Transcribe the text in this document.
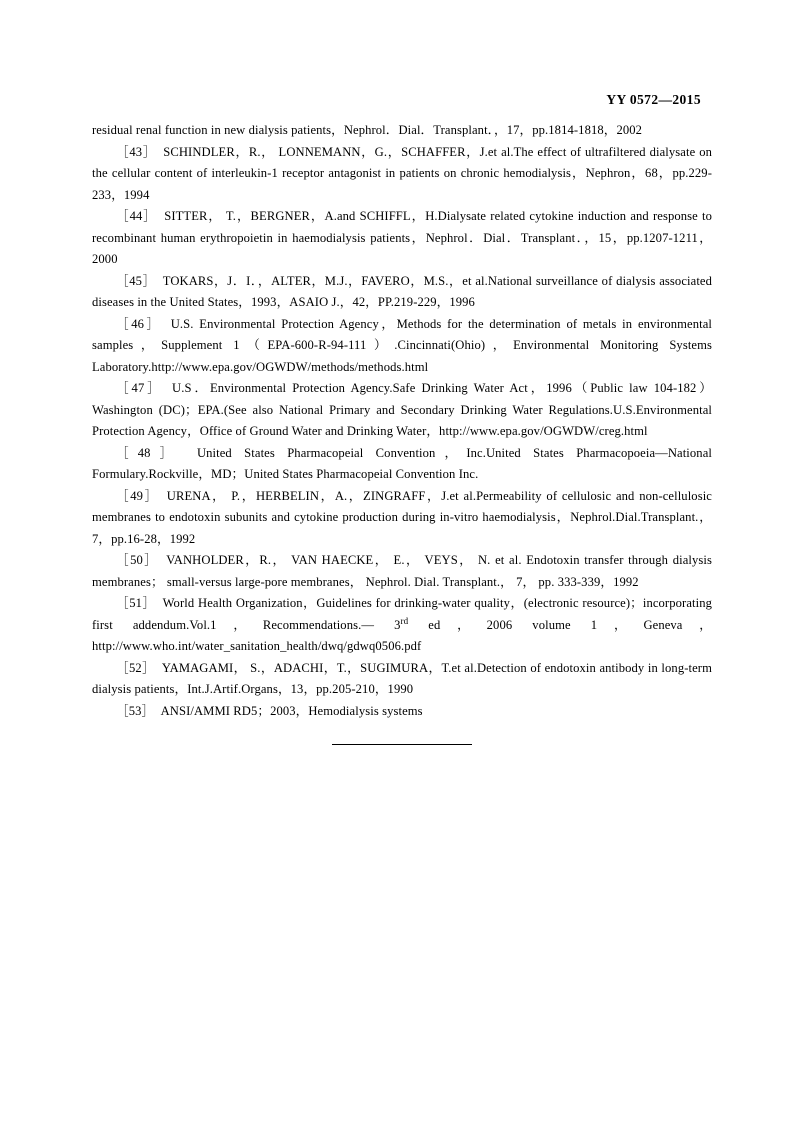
YY 0572—2015

residual renal function in new dialysis patients，Nephrol．Dial．Transplant．，17，pp.1814-1818，2002

［43］　SCHINDLER，R.， LONNEMANN，G.，SCHAFFER，J.et al.The effect of ultrafiltered dialysate on the cellular content of interleukin-1 receptor antagonist in patients on chronic hemodialysis，Nephron，68，pp.229-233，1994

［44］　SITTER， T.，BERGNER，A.and SCHIFFL，H.Dialysate related cytokine induction and response to recombinant human erythropoietin in haemodialysis patients，Nephrol．Dial．Transplant．，15，pp.1207-1211，2000

［45］　TOKARS，J．I．，ALTER，M.J.，FAVERO，M.S.，et al.National surveillance of dialysis associated diseases in the United States，1993，ASAIO J.，42，PP.219-229，1996

［46］　U.S. Environmental Protection Agency，Methods for the determination of metals in environmental samples，Supplement 1（EPA-600-R-94-111）.Cincinnati(Ohio)，Environmental Monitoring Systems Laboratory.http://www.epa.gov/OGWDW/methods/methods.html

［47］　U.S．Environmental Protection Agency.Safe Drinking Water Act，1996（Public law 104-182）Washington (DC)；EPA.(See also National Primary and Secondary Drinking Water Regulations.U.S.Environmental Protection Agency，Office of Ground Water and Drinking Water，http://www.epa.gov/OGWDW/creg.html

［48］　United States Pharmacopeial Convention，Inc.United States Pharmacopoeia—National Formulary.Rockville，MD；United States Pharmacopeial Convention Inc.

［49］　URENA， P.，HERBELIN，A.，ZINGRAFF，J.et al.Permeability of cellulosic and non-cellulosic membranes to endotoxin subunits and cytokine production during in-vitro haemodialysis，Nephrol.Dial.Transplant.，7，pp.16-28，1992

［50］　VANHOLDER，R.， VAN HAECKE， E.， VEYS， N. et al. Endotoxin transfer through dialysis membranes； small-versus large-pore membranes， Nephrol. Dial. Transplant.， 7， pp. 333-339，1992

［51］　World Health Organization，Guidelines for drinking-water quality，(electronic resource)；incorporating first addendum.Vol.1，Recommendations.— 3rd ed，2006 volume 1，Geneva，http://www.who.int/water_sanitation_health/dwq/gdwq0506.pdf

［52］　YAMAGAMI， S.，ADACHI，T.，SUGIMURA，T.et al.Detection of endotoxin antibody in long-term dialysis patients，Int.J.Artif.Organs，13，pp.205-210，1990

［53］　ANSI/AMMI RD5；2003，Hemodialysis systems
